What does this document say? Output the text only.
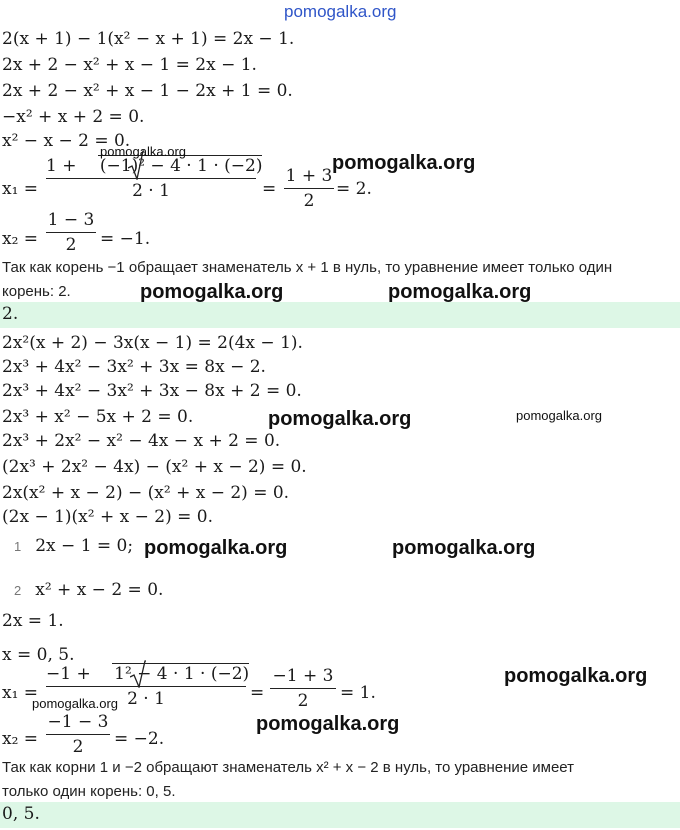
pomogalka.org
2(x + 1) − 1(x² − x + 1) = 2x − 1.
2x + 2 − x² + x − 1 = 2x − 1.
2x + 2 − x² + x − 1 − 2x + 1 = 0.
−x² + x + 2 = 0.
x² − x − 2 = 0.
x₁ =
1 + (−1)² − 4 · 1 · (−2)
2 · 1	=
1 + 3
2
= 2.
x₂ =
1 − 3
2	= −1.
Так как корень −1 обращает знаменатель x + 1 в нуль, то уравнение имеет только один
корень: 2.
2.
2x²(x + 2) − 3x(x − 1) = 2(4x − 1).
2x³ + 4x² − 3x² + 3x = 8x − 2.
2x³ + 4x² − 3x² + 3x − 8x + 2 = 0.
2x³ + x² − 5x + 2 = 0.
2x³ + 2x² − x² − 4x − x + 2 = 0.
(2x³ + 2x² − 4x) − (x² + x − 2) = 0.
2x(x² + x − 2) − (x² + x − 2) = 0.
(2x − 1)(x² + x − 2) = 0.
1 2x − 1 = 0;
2 x² + x − 2 = 0.
2x = 1.
x = 0, 5.
x₁ =
−1 + 1² − 4 · 1 · (−2)
2 · 1	=
−1 + 3
2	= 1.
x₂ =
−1 − 3
2	= −2.
Так как корни 1 и −2 обращают знаменатель x² + x − 2 в нуль, то уравнение имеет
только один корень: 0, 5.
0, 5.
pomogalka.org
pomogalka.org
pomogalka.org	pomogalka.org
pomogalka.org	pomogalka.org
pomogalka.org	pomogalka.org
pomogalka.org
pomogalka.org
pomogalka.org
